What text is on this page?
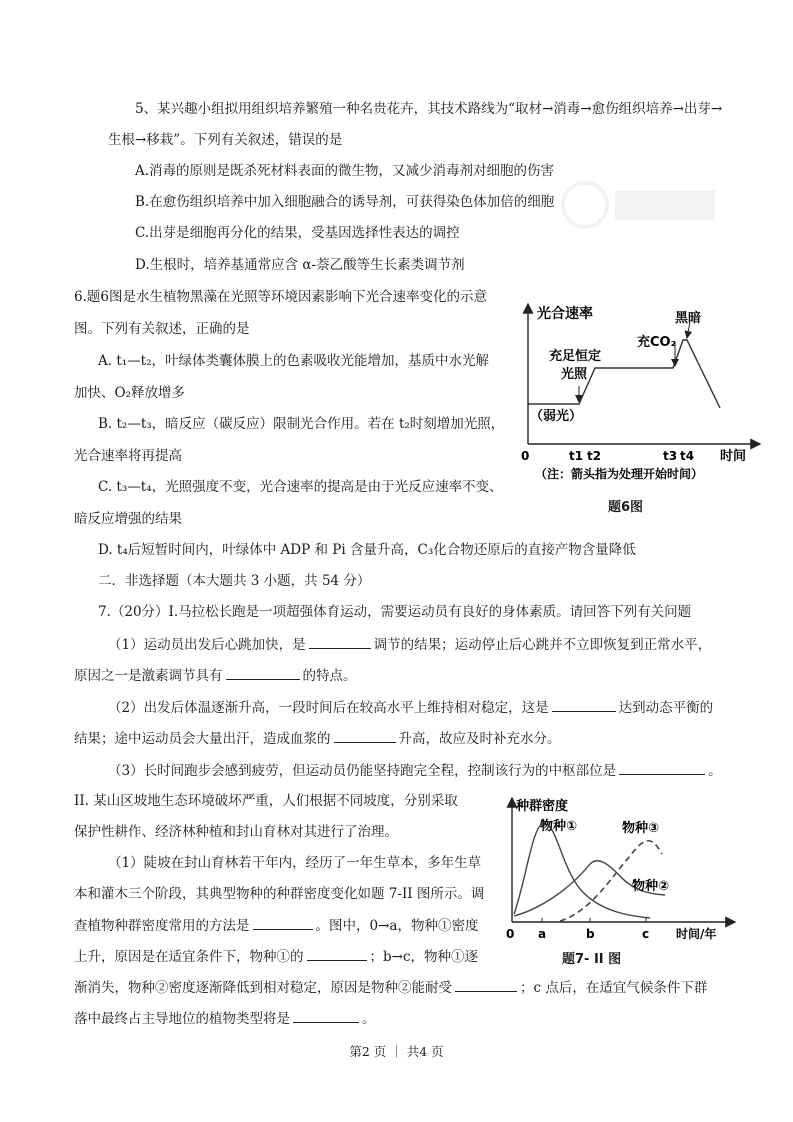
5、某兴趣小组拟用组织培养繁殖一种名贵花卉，其技术路线为“取材→消毒→愈伤组织培养→出芽→
生根→移栽”。下列有关叙述，错误的是
A.消毒的原则是既杀死材料表面的微生物，又减少消毒剂对细胞的伤害
B.在愈伤组织培养中加入细胞融合的诱导剂，可获得染色体加倍的细胞
C.出芽是细胞再分化的结果，受基因选择性表达的调控
D.生根时，培养基通常应含 α-萘乙酸等生长素类调节剂
6.题6图是水生植物黑藻在光照等环境因素影响下光合速率变化的示意
图。下列有关叙述，正确的是
A. t₁—t₂，叶绿体类囊体膜上的色素吸收光能增加，基质中水光解
加快、O₂释放增多
B. t₂—t₃，暗反应（碳反应）限制光合作用。若在 t₂时刻增加光照，
光合速率将再提高
C. t₃—t₄，光照强度不变，光合速率的提高是由于光反应速率不变、
暗反应增强的结果
D. t₄后短暂时间内，叶绿体中 ADP 和 Pi 含量升高，C₃化合物还原后的直接产物含量降低
光合速率
（弱光）
充足恒定
光照
充CO₂
黑暗
0	t1 t2	t3 t4 时间
（注：箭头指为处理开始时间）
题6图
二．非选择题（本大题共 3 小题，共 54 分）
7.（20分）I.马拉松长跑是一项超强体育运动，需要运动员有良好的身体素质。请回答下列有关问题
（1）运动员出发后心跳加快，是	调节的结果；运动停止后心跳并不立即恢复到正常水平，
原因之一是激素调节具有	的特点。
（2）出发后体温逐渐升高，一段时间后在较高水平上维持相对稳定，这是	达到动态平衡的
结果；途中运动员会大量出汗，造成血浆的	升高，故应及时补充水分。
（3）长时间跑步会感到疲劳，但运动员仍能坚持跑完全程，控制该行为的中枢部位是	。
II. 某山区坡地生态环境破坏严重，人们根据不同坡度，分别采取
保护性耕作、经济林种植和封山育林对其进行了治理。
（1）陡坡在封山育林若干年内，经历了一年生草本，多年生草
本和灌木三个阶段，其典型物种的种群密度变化如题 7-II 图所示。调
查植物种群密度常用的方法是	。图中，0→a，物种①密度
上升，原因是在适宜条件下，物种①的	；b→c，物种①逐
渐消失，物种②密度逐渐降低到相对稳定，原因是物种②能耐受	；c 点后，在适宜气候条件下群
落中最终占主导地位的植物类型将是	。
种群密度
物种①	物种③
物种②
0 a	b	c 时间/年
题7- II 图
第2 页 ｜ 共4 页
